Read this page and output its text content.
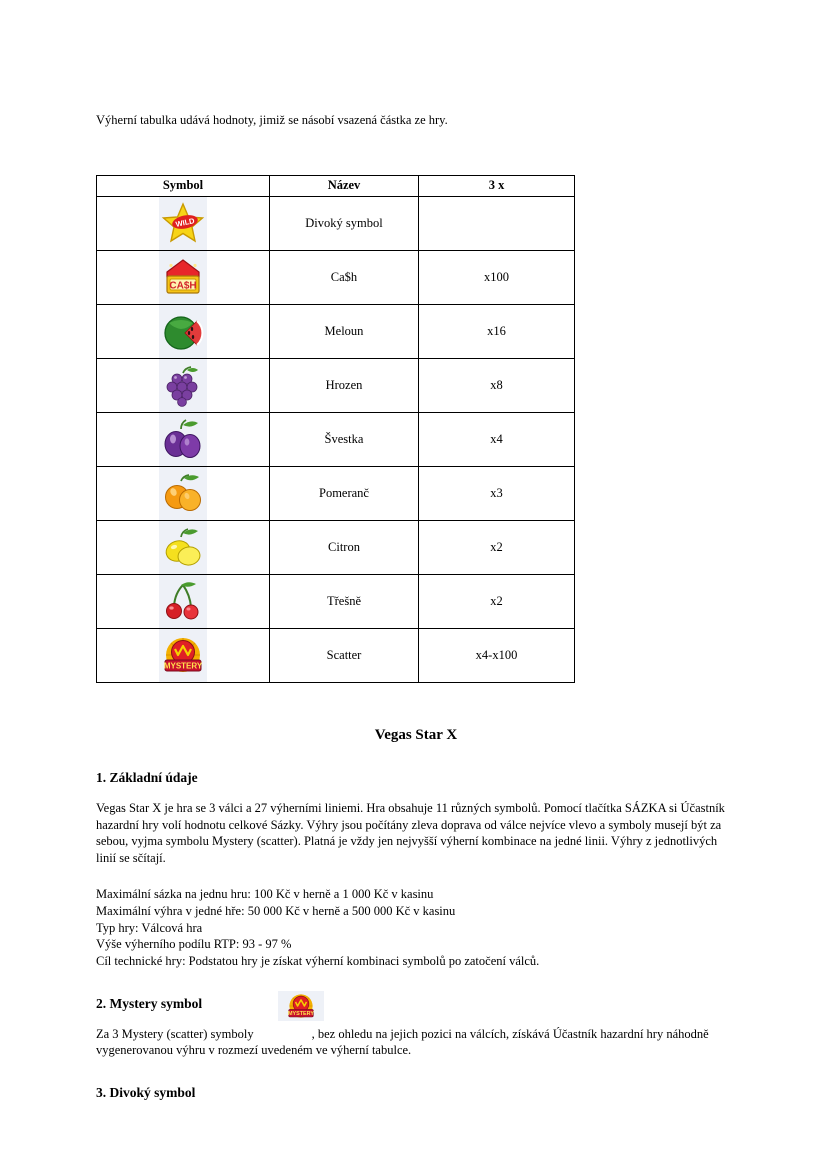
Výherní tabulka udává hodnoty, jimiž se násobí vsazená částka ze hry.

Symbol	Název	3 x

WILD	Divoký symbol	

CA$H	Ca$h	x100

	Meloun	x16

	Hrozen	x8

	Švestka	x4

	Pomeranč	x3

	Citron	x2

	Třešně	x2

MYSTERY	Scatter	x4-x100
Vegas Star X
1. Základní údaje

Vegas Star X je hra se 3 válci a 27 výherními liniemi. Hra obsahuje 11 různých symbolů. Pomocí tlačítka SÁZKA si Účastník hazardní hry volí hodnotu celkové Sázky. Výhry jsou počítány zleva doprava od válce nejvíce vlevo a symboly musejí být za sebou, vyjma symbolu Mystery (scatter). Platná je vždy jen nejvyšší výherní kombinace na jedné linii. Výhry z jednotlivých linií se sčítají.

Maximální sázka na jednu hru: 100 Kč v herně a 1 000 Kč v kasinu

Maximální výhra v jedné hře: 50 000 Kč v herně a 500 000 Kč v kasinu

Typ hry: Válcová hra

Výše výherního podílu RTP: 93 - 97 %

Cíl technické hry: Podstatou hry je získat výherní kombinaci symbolů po zatočení válců.

2. Mystery symbol

MYSTERY
Za 3 Mystery (scatter) symboly	, bez ohledu na jejich pozici na válcích, získává Účastník hazardní hry náhodně vygenerovanou výhru v rozmezí uvedeném ve výherní tabulce.

3. Divoký symbol
